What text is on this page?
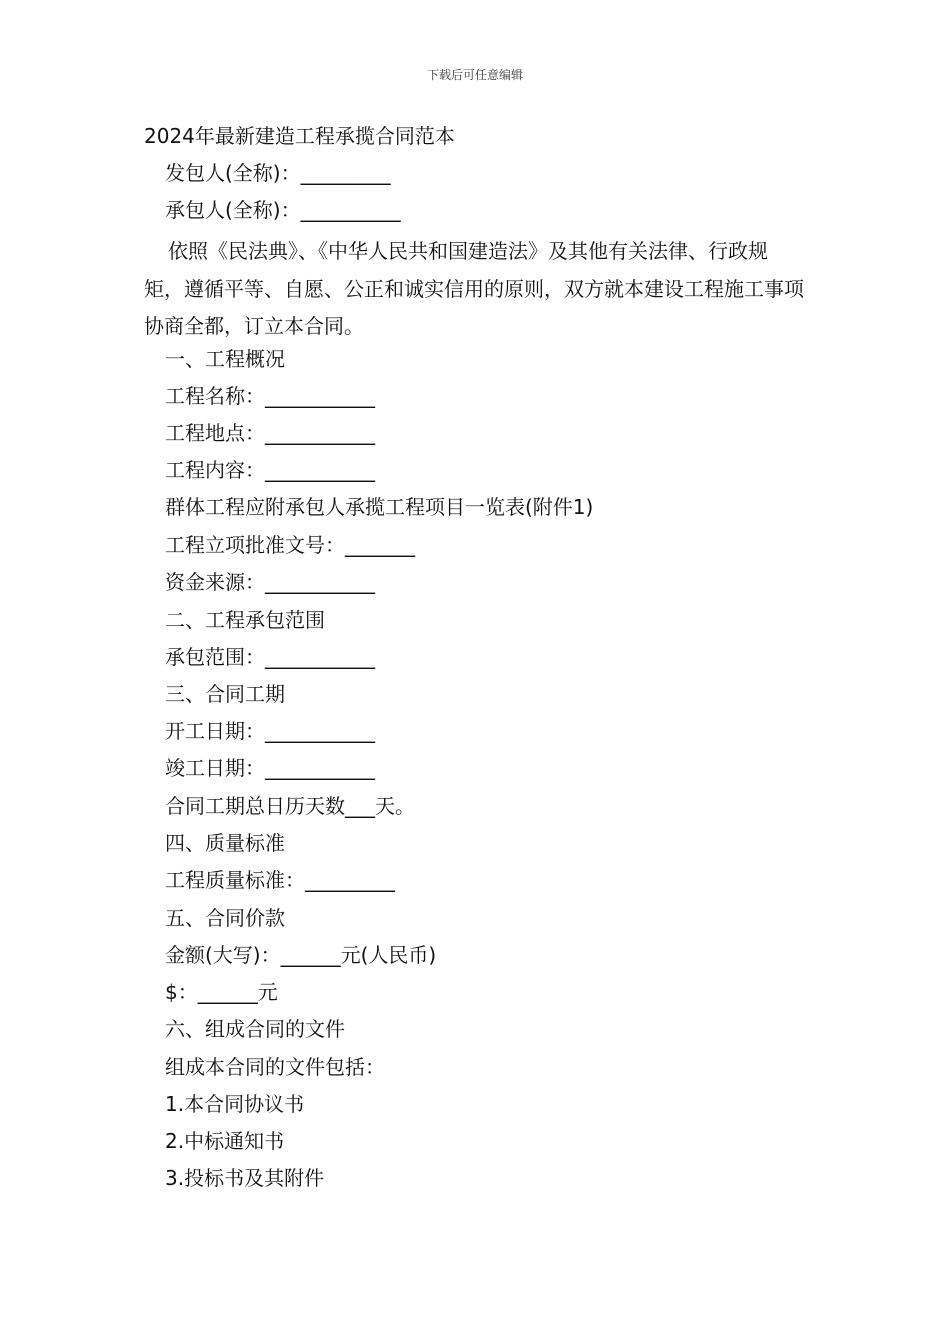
下载后可任意编辑
2024年最新建造工程承揽合同范本
发包人(全称)：_________
承包人(全称)：__________
依照《民法典》、《中华人民共和国建造法》及其他有关法律、行政规矩，遵循平等、自愿、公正和诚实信用的原则，双方就本建设工程施工事项协商全都，订立本合同。
一、工程概况
工程名称：___________
工程地点：___________
工程内容：___________
群体工程应附承包人承揽工程项目一览表(附件1)
工程立项批准文号：_______
资金来源：___________
二、工程承包范围
承包范围：___________
三、合同工期
开工日期：___________
竣工日期：___________
合同工期总日历天数___天。
四、质量标准
工程质量标准：_________
五、合同价款
金额(大写)：______元(人民币)
$：______元
六、组成合同的文件
组成本合同的文件包括：
1.本合同协议书
2.中标通知书
3.投标书及其附件
